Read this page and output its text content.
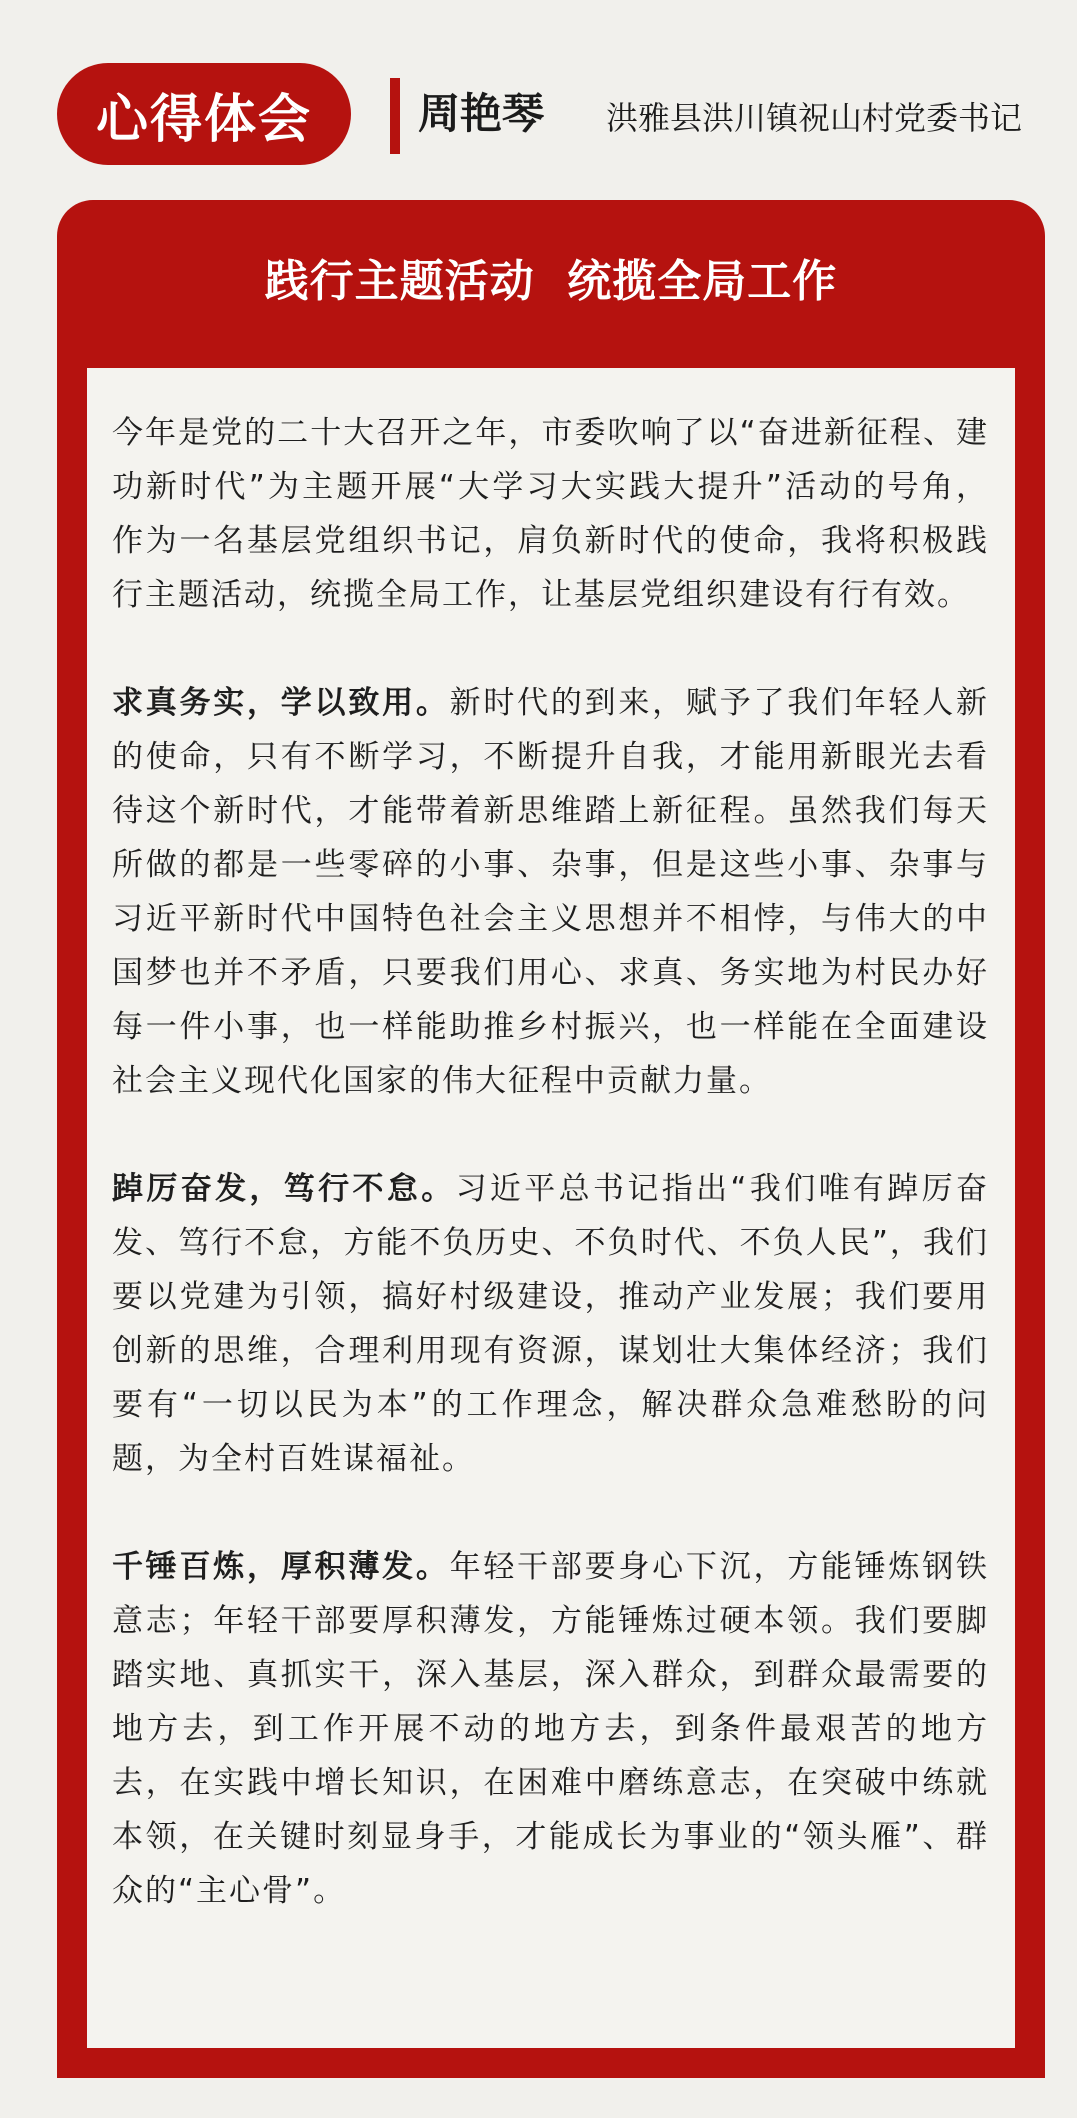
心得体会	周艳琴 洪雅县洪川镇祝山村党委书记
践行主题活动  统揽全局工作

今年是党的二十大召开之年，市委吹响了以“奋进新征程、建功新时代”为主题开展“大学习大实践大提升”活动的号角，作为一名基层党组织书记，肩负新时代的使命，我将积极践行主题活动，统揽全局工作，让基层党组织建设有行有效。

求真务实，学以致用。新时代的到来，赋予了我们年轻人新的使命，只有不断学习，不断提升自我，才能用新眼光去看待这个新时代，才能带着新思维踏上新征程。虽然我们每天所做的都是一些零碎的小事、杂事，但是这些小事、杂事与习近平新时代中国特色社会主义思想并不相悖，与伟大的中国梦也并不矛盾，只要我们用心、求真、务实地为村民办好每一件小事，也一样能助推乡村振兴，也一样能在全面建设社会主义现代化国家的伟大征程中贡献力量。

踔厉奋发，笃行不怠。习近平总书记指出“我们唯有踔厉奋发、笃行不怠，方能不负历史、不负时代、不负人民”，我们要以党建为引领，搞好村级建设，推动产业发展；我们要用创新的思维，合理利用现有资源，谋划壮大集体经济；我们要有“一切以民为本”的工作理念，解决群众急难愁盼的问题，为全村百姓谋福祉。

千锤百炼，厚积薄发。年轻干部要身心下沉，方能锤炼钢铁意志；年轻干部要厚积薄发，方能锤炼过硬本领。我们要脚踏实地、真抓实干，深入基层，深入群众，到群众最需要的地方去，到工作开展不动的地方去，到条件最艰苦的地方去，在实践中增长知识，在困难中磨练意志，在突破中练就本领，在关键时刻显身手，才能成长为事业的“领头雁”、群众的“主心骨”。
